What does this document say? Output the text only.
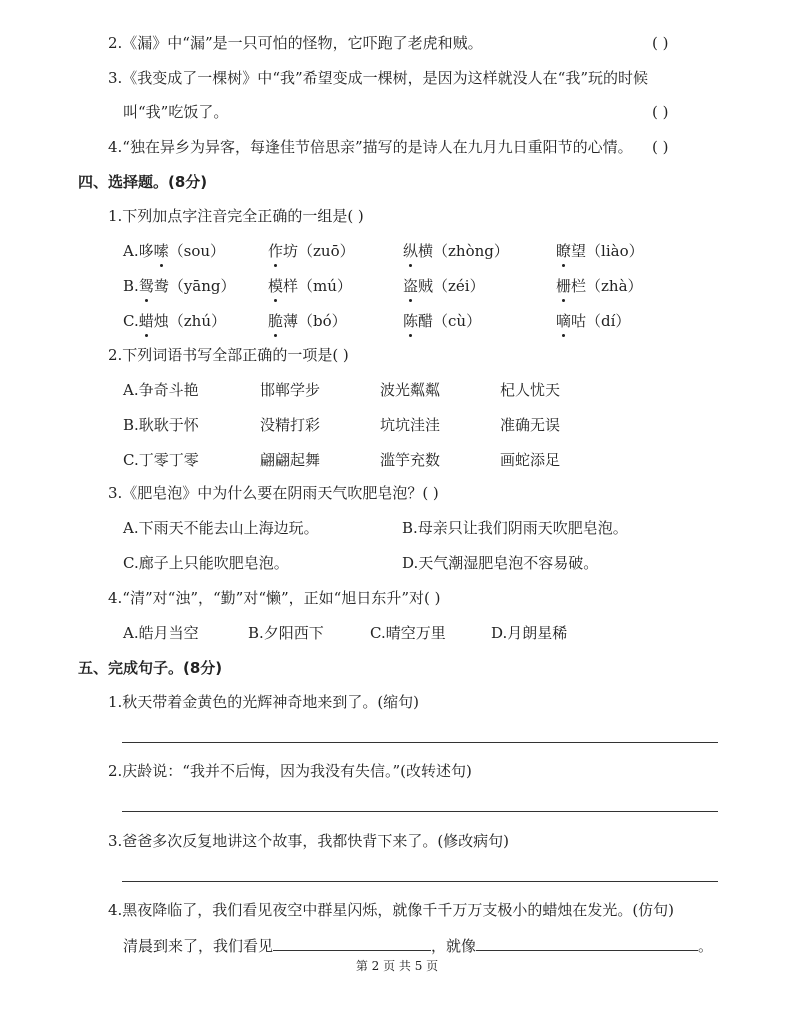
2.《漏》中“漏”是一只可怕的怪物，它吓跑了老虎和贼。	( )
3.《我变成了一棵树》中“我”希望变成一棵树，是因为这样就没人在“我”玩的时候
叫“我”吃饭了。	( )
4.“独在异乡为异客，每逢佳节倍思亲”描写的是诗人在九月九日重阳节的心情。 ( )
四、选择题。(8分)
1.下列加点字注音完全正确的一组是( )
A.哆嗦（sou）	作坊（zuō）	纵横（zhòng）	瞭望（liào）
B.鸳鸯（yāng） 模样（mú）	盗贼（zéi）	栅栏（zhà）
C.蜡烛（zhú）	脆薄（bó）	陈醋（cù）	嘀咕（dí）
2.下列词语书写全部正确的一项是( )
A.争奇斗艳	邯郸学步	波光粼粼	杞人忧天
B.耿耿于怀	没精打彩	坑坑洼洼	准确无误
C.丁零丁零	翩翩起舞	滥竽充数	画蛇添足
3.《肥皂泡》中为什么要在阴雨天气吹肥皂泡？( )
A.下雨天不能去山上海边玩。	B.母亲只让我们阴雨天吹肥皂泡。
C.廊子上只能吹肥皂泡。	D.天气潮湿肥皂泡不容易破。
4.“清”对“浊”，“勤”对“懒”，正如“旭日东升”对( )
A.皓月当空	B.夕阳西下	C.晴空万里	D.月朗星稀
五、完成句子。(8分)
1.秋天带着金黄色的光辉神奇地来到了。(缩句)
2.庆龄说：“我并不后悔，因为我没有失信。”(改转述句)
3.爸爸多次反复地讲这个故事，我都快背下来了。(修改病句)
4.黑夜降临了，我们看见夜空中群星闪烁，就像千千万万支极小的蜡烛在发光。(仿句)
清晨到来了，我们看见	，就像	。
第 2 页 共 5 页
